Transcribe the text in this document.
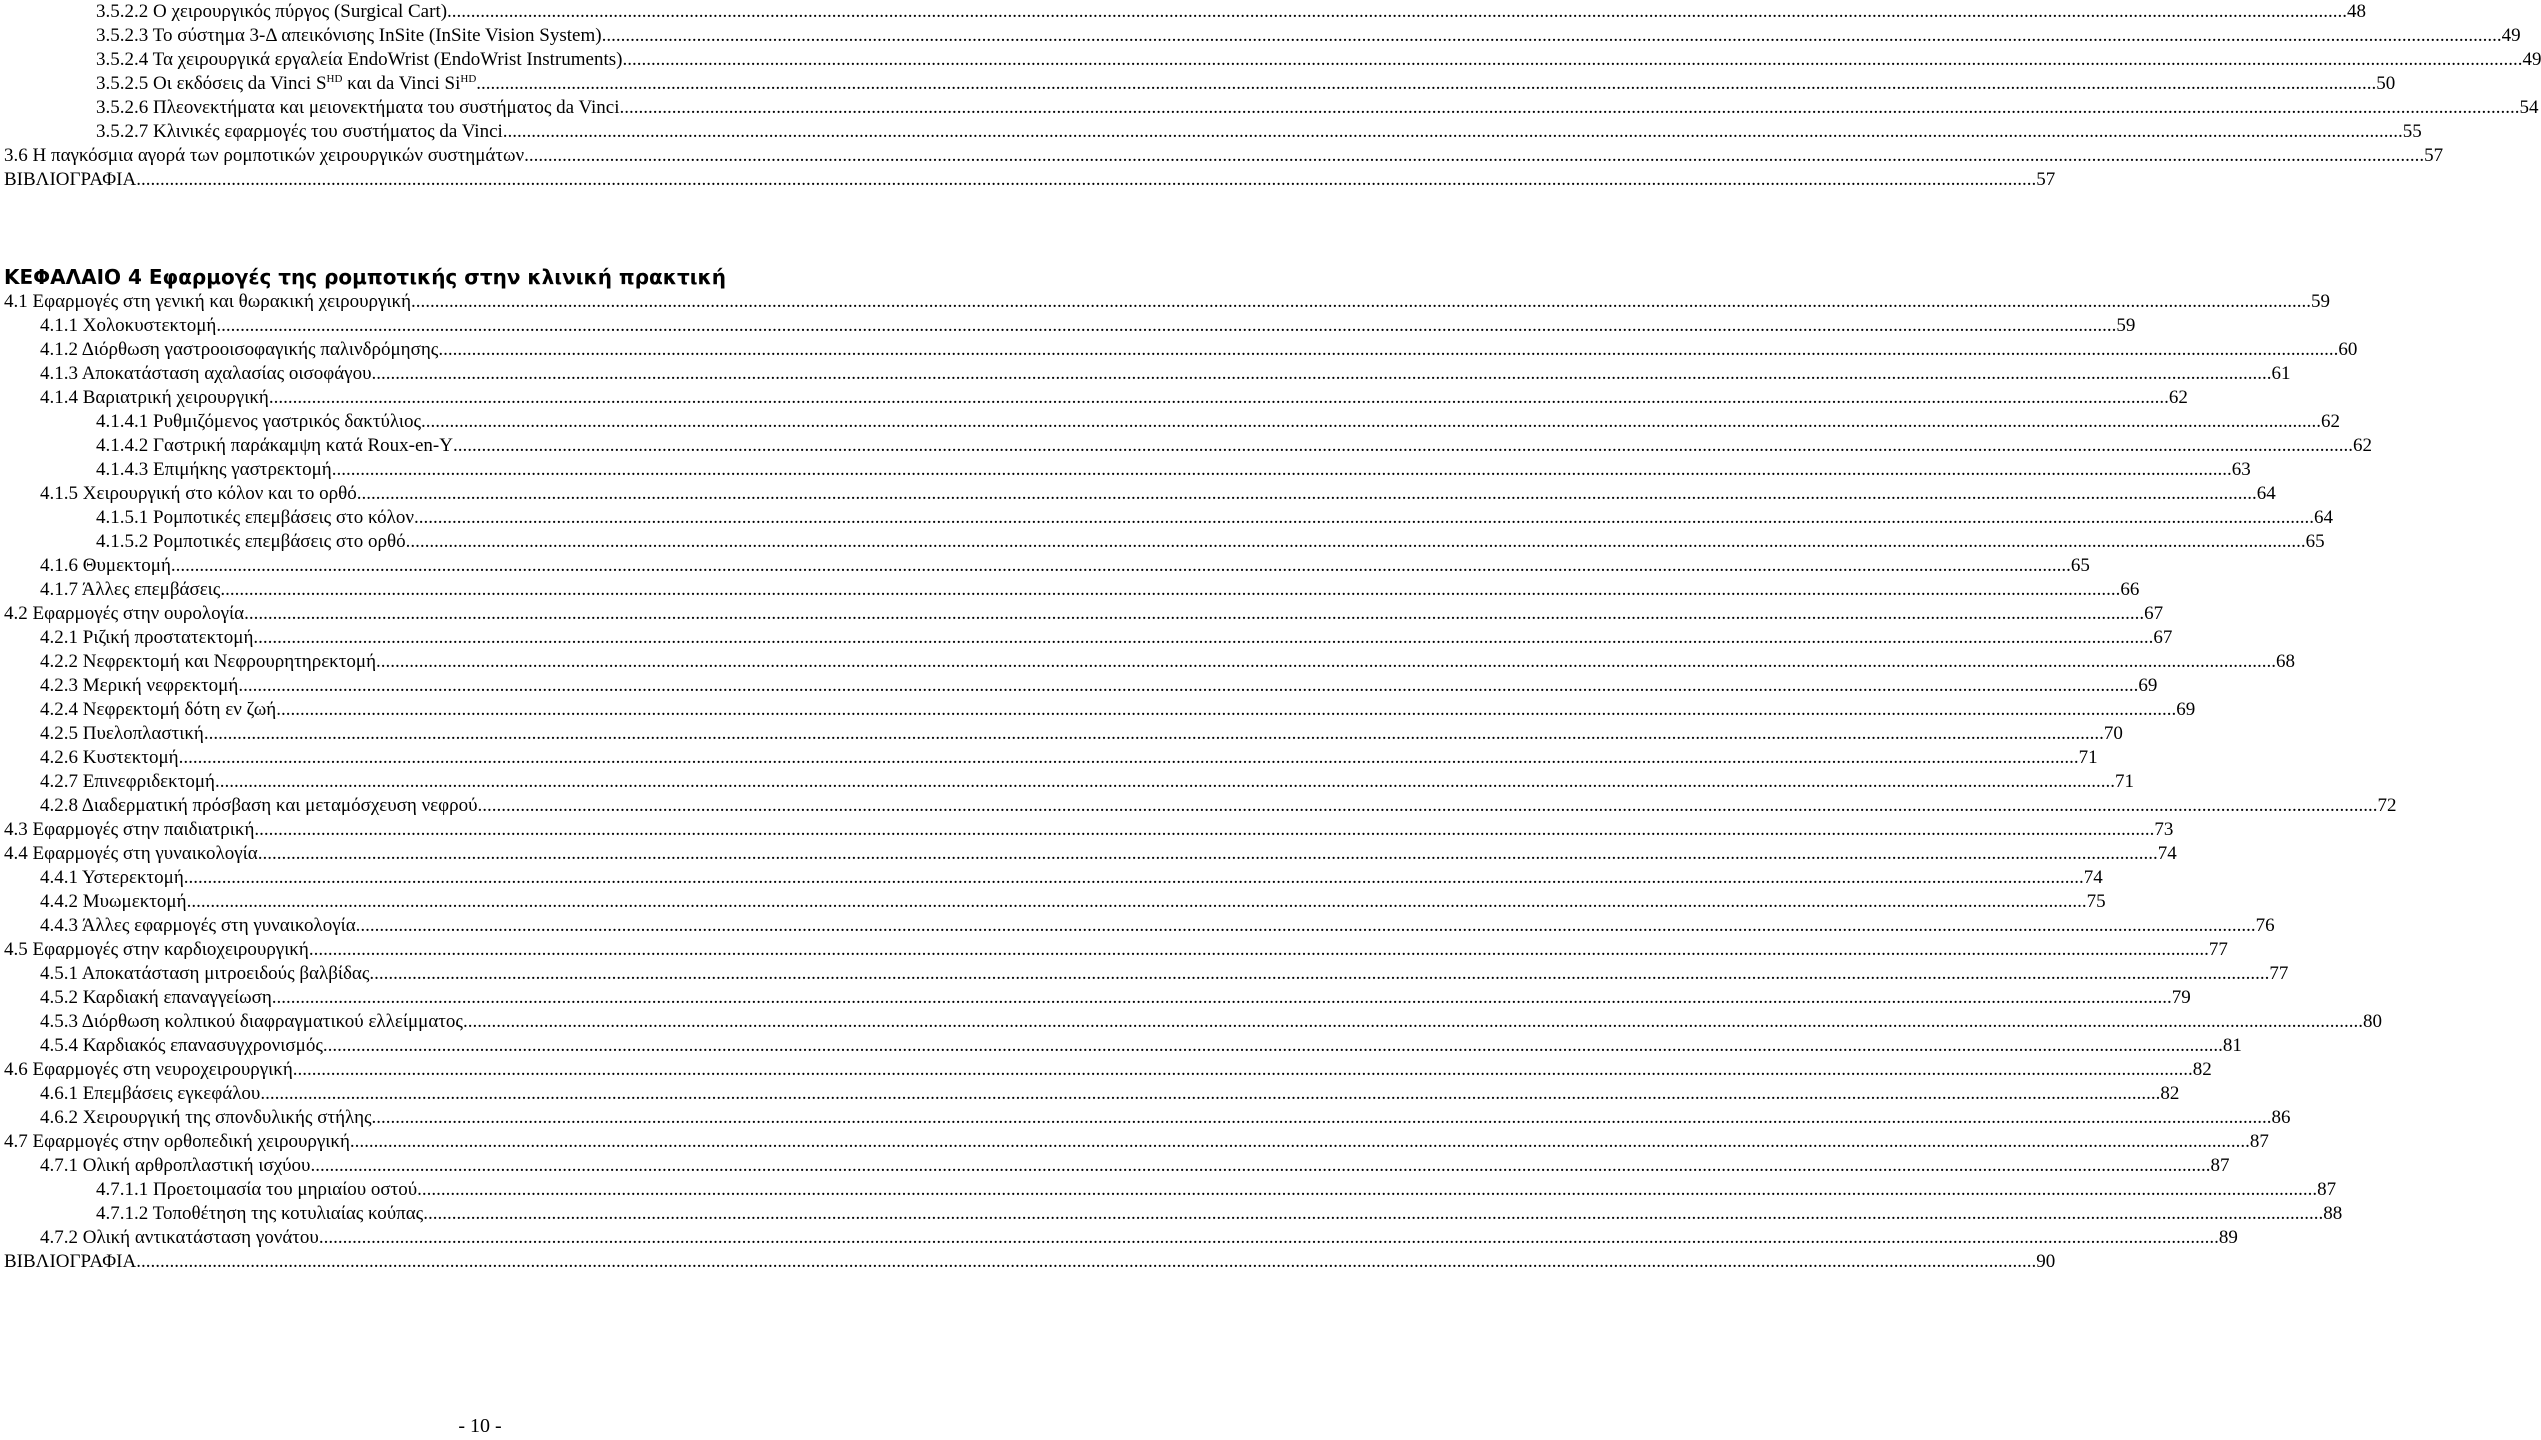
ΚΕΦΑΛΑΙΟ 4 Εφαρμογές της ρομποτικής στην κλινική πρακτική
3.5.2.2 Ο χειρουργικός πύργος (Surgical Cart) ................................................................................................................................................................................................................................................................................................................................................................................................................ 48
3.5.2.3 Το σύστημα 3-Δ απεικόνισης InSite (InSite Vision System) ................................................................................................................................................................................................................................................................................................................................................................................................................ 49
3.5.2.4 Τα χειρουργικά εργαλεία EndoWrist (EndoWrist Instruments) ................................................................................................................................................................................................................................................................................................................................................................................................................ 49
3.5.2.5 Οι εκδόσεις da Vinci $S^{HD}$ και da Vinci $Si^{HD}$ ................................................................................................................................................................................................................................................................................................................................................................................................................ 50
3.5.2.6 Πλεονεκτήματα και μειονεκτήματα του συστήματος da Vinci ................................................................................................................................................................................................................................................................................................................................................................................................................ 54
3.5.2.7 Κλινικές εφαρμογές του συστήματος da Vinci ................................................................................................................................................................................................................................................................................................................................................................................................................ 55
3.6 Η παγκόσμια αγορά των ρομποτικών χειρουργικών συστημάτων ................................................................................................................................................................................................................................................................................................................................................................................................................ 57
ΒΙΒΛΙΟΓΡΑΦΙΑ ................................................................................................................................................................................................................................................................................................................................................................................................................ 57
4.1 Εφαρμογές στη γενική και θωρακική χειρουργική ................................................................................................................................................................................................................................................................................................................................................................................................................ 59
4.1.1 Χολοκυστεκτομή ................................................................................................................................................................................................................................................................................................................................................................................................................ 59
4.1.2 Διόρθωση γαστροοισοφαγικής παλινδρόμησης ................................................................................................................................................................................................................................................................................................................................................................................................................ 60
4.1.3 Αποκατάσταση αχαλασίας οισοφάγου ................................................................................................................................................................................................................................................................................................................................................................................................................ 61
4.1.4 Βαριατρική χειρουργική ................................................................................................................................................................................................................................................................................................................................................................................................................ 62
4.1.4.1 Ρυθμιζόμενος γαστρικός δακτύλιος ................................................................................................................................................................................................................................................................................................................................................................................................................ 62
4.1.4.2 Γαστρική παράκαμψη κατά Roux-en-Y ................................................................................................................................................................................................................................................................................................................................................................................................................ 62
4.1.4.3 Επιμήκης γαστρεκτομή ................................................................................................................................................................................................................................................................................................................................................................................................................ 63
4.1.5 Χειρουργική στο κόλον και το ορθό ................................................................................................................................................................................................................................................................................................................................................................................................................ 64
4.1.5.1 Ρομποτικές επεμβάσεις στο κόλον ................................................................................................................................................................................................................................................................................................................................................................................................................ 64
4.1.5.2 Ρομποτικές επεμβάσεις στο ορθό ................................................................................................................................................................................................................................................................................................................................................................................................................ 65
4.1.6 Θυμεκτομή ................................................................................................................................................................................................................................................................................................................................................................................................................ 65
4.1.7 Άλλες επεμβάσεις ................................................................................................................................................................................................................................................................................................................................................................................................................ 66
4.2 Εφαρμογές στην ουρολογία ................................................................................................................................................................................................................................................................................................................................................................................................................ 67
4.2.1 Ριζική προστατεκτομή ................................................................................................................................................................................................................................................................................................................................................................................................................ 67
4.2.2 Νεφρεκτομή και Νεφρουρητηρεκτομή ................................................................................................................................................................................................................................................................................................................................................................................................................ 68
4.2.3 Μερική νεφρεκτομή ................................................................................................................................................................................................................................................................................................................................................................................................................ 69
4.2.4 Νεφρεκτομή δότη εν ζωή ................................................................................................................................................................................................................................................................................................................................................................................................................ 69
4.2.5 Πυελοπλαστική ................................................................................................................................................................................................................................................................................................................................................................................................................ 70
4.2.6 Κυστεκτομή ................................................................................................................................................................................................................................................................................................................................................................................................................ 71
4.2.7 Επινεφριδεκτομή ................................................................................................................................................................................................................................................................................................................................................................................................................ 71
4.2.8 Διαδερματική πρόσβαση και μεταμόσχευση νεφρού ................................................................................................................................................................................................................................................................................................................................................................................................................ 72
4.3 Εφαρμογές στην παιδιατρική ................................................................................................................................................................................................................................................................................................................................................................................................................ 73
4.4 Εφαρμογές στη γυναικολογία ................................................................................................................................................................................................................................................................................................................................................................................................................ 74
4.4.1 Υστερεκτομή ................................................................................................................................................................................................................................................................................................................................................................................................................ 74
4.4.2 Μυωμεκτομή ................................................................................................................................................................................................................................................................................................................................................................................................................ 75
4.4.3 Άλλες εφαρμογές στη γυναικολογία ................................................................................................................................................................................................................................................................................................................................................................................................................ 76
4.5 Εφαρμογές στην καρδιοχειρουργική ................................................................................................................................................................................................................................................................................................................................................................................................................ 77
4.5.1 Αποκατάσταση μιτροειδούς βαλβίδας ................................................................................................................................................................................................................................................................................................................................................................................................................ 77
4.5.2 Καρδιακή επαναγγείωση ................................................................................................................................................................................................................................................................................................................................................................................................................ 79
4.5.3 Διόρθωση κολπικού διαφραγματικού ελλείμματος ................................................................................................................................................................................................................................................................................................................................................................................................................ 80
4.5.4 Καρδιακός επανασυγχρονισμός ................................................................................................................................................................................................................................................................................................................................................................................................................ 81
4.6 Εφαρμογές στη νευροχειρουργική ................................................................................................................................................................................................................................................................................................................................................................................................................ 82
4.6.1 Επεμβάσεις εγκεφάλου ................................................................................................................................................................................................................................................................................................................................................................................................................ 82
4.6.2 Χειρουργική της σπονδυλικής στήλης ................................................................................................................................................................................................................................................................................................................................................................................................................ 86
4.7 Εφαρμογές στην ορθοπεδική χειρουργική ................................................................................................................................................................................................................................................................................................................................................................................................................ 87
4.7.1 Ολική αρθροπλαστική ισχύου ................................................................................................................................................................................................................................................................................................................................................................................................................ 87
4.7.1.1 Προετοιμασία του μηριαίου οστού ................................................................................................................................................................................................................................................................................................................................................................................................................ 87
4.7.1.2 Τοποθέτηση της κοτυλιαίας κούπας ................................................................................................................................................................................................................................................................................................................................................................................................................ 88
4.7.2 Ολική αντικατάσταση γονάτου ................................................................................................................................................................................................................................................................................................................................................................................................................ 89
ΒΙΒΛΙΟΓΡΑΦΙΑ ................................................................................................................................................................................................................................................................................................................................................................................................................ 90
- 10 -
